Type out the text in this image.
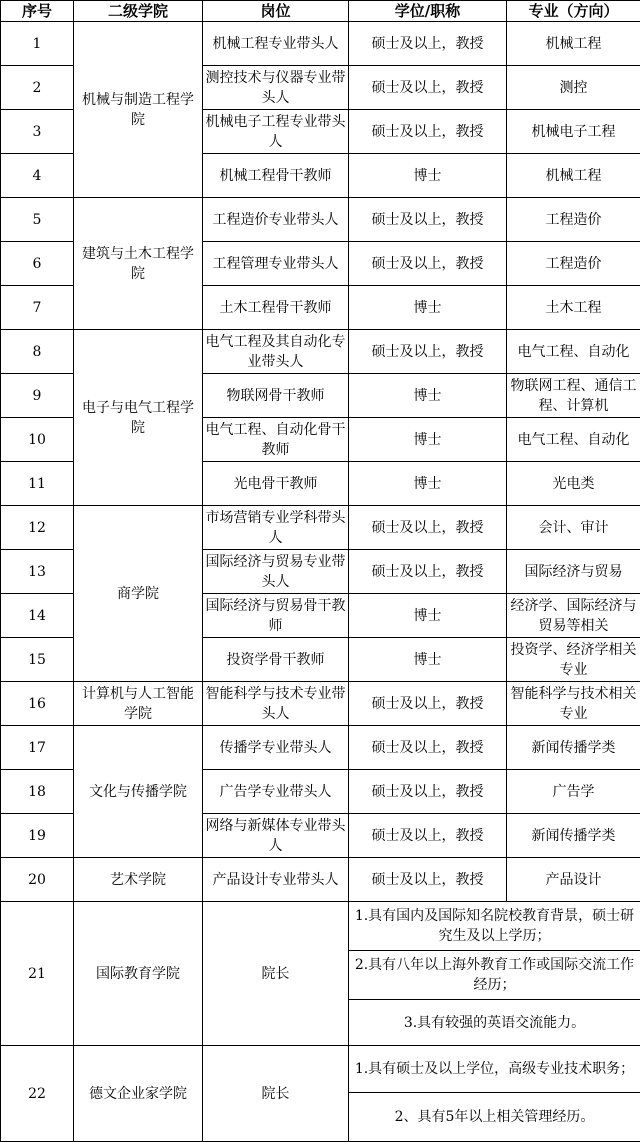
序号	二级学院	岗位	学位/职称	专业（方向）
1	机械与制造工程学院	机械工程专业带头人	硕士及以上，教授	机械工程
2		测控技术与仪器专业带头人	硕士及以上，教授	测控
3		机械电子工程专业带头人	硕士及以上，教授	机械电子工程
4		机械工程骨干教师	博士	机械工程
5	建筑与土木工程学院	工程造价专业带头人	硕士及以上，教授	工程造价
6		工程管理专业带头人	硕士及以上，教授	工程造价
7		土木工程骨干教师	博士	土木工程
8	电子与电气工程学院	电气工程及其自动化专业带头人	硕士及以上，教授	电气工程、自动化
9		物联网骨干教师	博士	物联网工程、通信工程、计算机
10		电气工程、自动化骨干教师	博士	电气工程、自动化
11		光电骨干教师	博士	光电类
12	商学院	市场营销专业学科带头人	硕士及以上，教授	会计、审计
13		国际经济与贸易专业带头人	硕士及以上，教授	国际经济与贸易
14		国际经济与贸易骨干教师	博士	经济学、国际经济与贸易等相关
15		投资学骨干教师	博士	投资学、经济学相关专业
16	计算机与人工智能学院	智能科学与技术专业带头人	硕士及以上，教授	智能科学与技术相关专业
17	文化与传播学院	传播学专业带头人	硕士及以上，教授	新闻传播学类
18		广告学专业带头人	硕士及以上，教授	广告学
19		网络与新媒体专业带头人	硕士及以上，教授	新闻传播学类
20	艺术学院	产品设计专业带头人	硕士及以上，教授	产品设计
21	国际教育学院	院长	1.具有国内及国际知名院校教育背景，硕士研究生及以上学历；	
			2.具有八年以上海外教育工作或国际交流工作经历；	
			3.具有较强的英语交流能力。	
22	德文企业家学院	院长	1.具有硕士及以上学位，高级专业技术职务；	
			2、具有5年以上相关管理经历。	
